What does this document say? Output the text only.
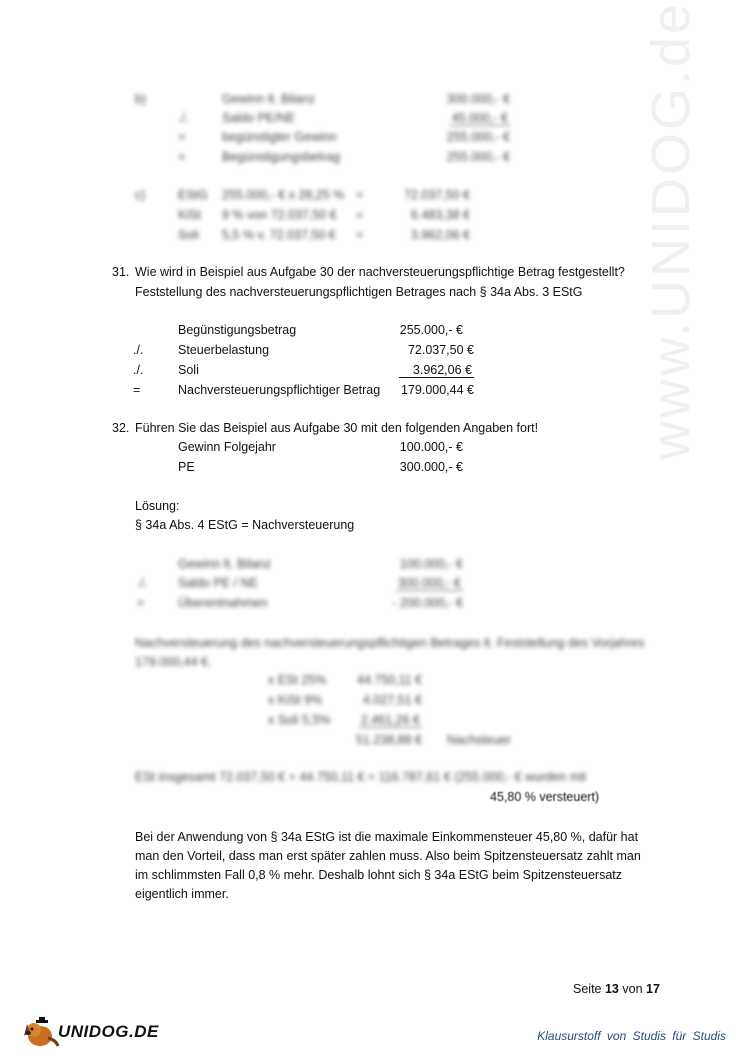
www.UNIDOG.de
b)	Gewinn lt. Bilanz	300.000,- €
./.	Saldo PE/NE	45.000,- €
=	begünstigter Gewinn	255.000,- €
=	Begünstigungsbetrag	255.000,- €
c)	EStG 255.000,- € x 28,25 % =	72.037,50 €
KiSt 9 % von 72.037,50 € =	6.483,38 €
Soli 5,5 % v. 72.037,50 € =	3.962,06 €
31. Wie wird in Beispiel aus Aufgabe 30 der nachversteuerungspflichtige Betrag festgestellt?
Feststellung des nachversteuerungspflichtigen Betrages nach § 34a Abs. 3 EStG
Begünstigungsbetrag	255.000,- €
./.	Steuerbelastung	72.037,50 €
./.	Soli	3.962,06 €
=	Nachversteuerungspflichtiger Betrag	179.000,44 €
32. Führen Sie das Beispiel aus Aufgabe 30 mit den folgenden Angaben fort!
Gewinn Folgejahr	100.000,- €
PE	300.000,- €
Lösung:
§ 34a Abs. 4 EStG = Nachversteuerung
Gewinn lt. Bilanz	100.000,- €
./. Saldo PE / NE	300.000,- €
=	Überentnahmen	- 200.000,- €
Nachversteuerung des nachversteuerungspflichtigen Betrages lt. Feststellung des Vorjahres 179.000,44 €.
x ESt 25%	44.750,11 €
x KiSt 9%	4.027,51 €
x Soli 5,5%	2.461,26 €
51.238,88 € Nachsteuer
ESt insgesamt 72.037,50 € + 44.750,11 € = 116.787,61 € (255.000,- € wurden mit
45,80 % versteuert)
Bei der Anwendung von § 34a EStG ist die maximale Einkommensteuer 45,80 %, dafür hat man den Vorteil, dass man erst später zahlen muss. Also beim Spitzensteuersatz zahlt man im schlimmsten Fall 0,8 % mehr. Deshalb lohnt sich § 34a EStG beim Spitzensteuersatz eigentlich immer.
Seite 13 von 17
UNIDOG.DE	Klausurstoff von Studis für Studis
